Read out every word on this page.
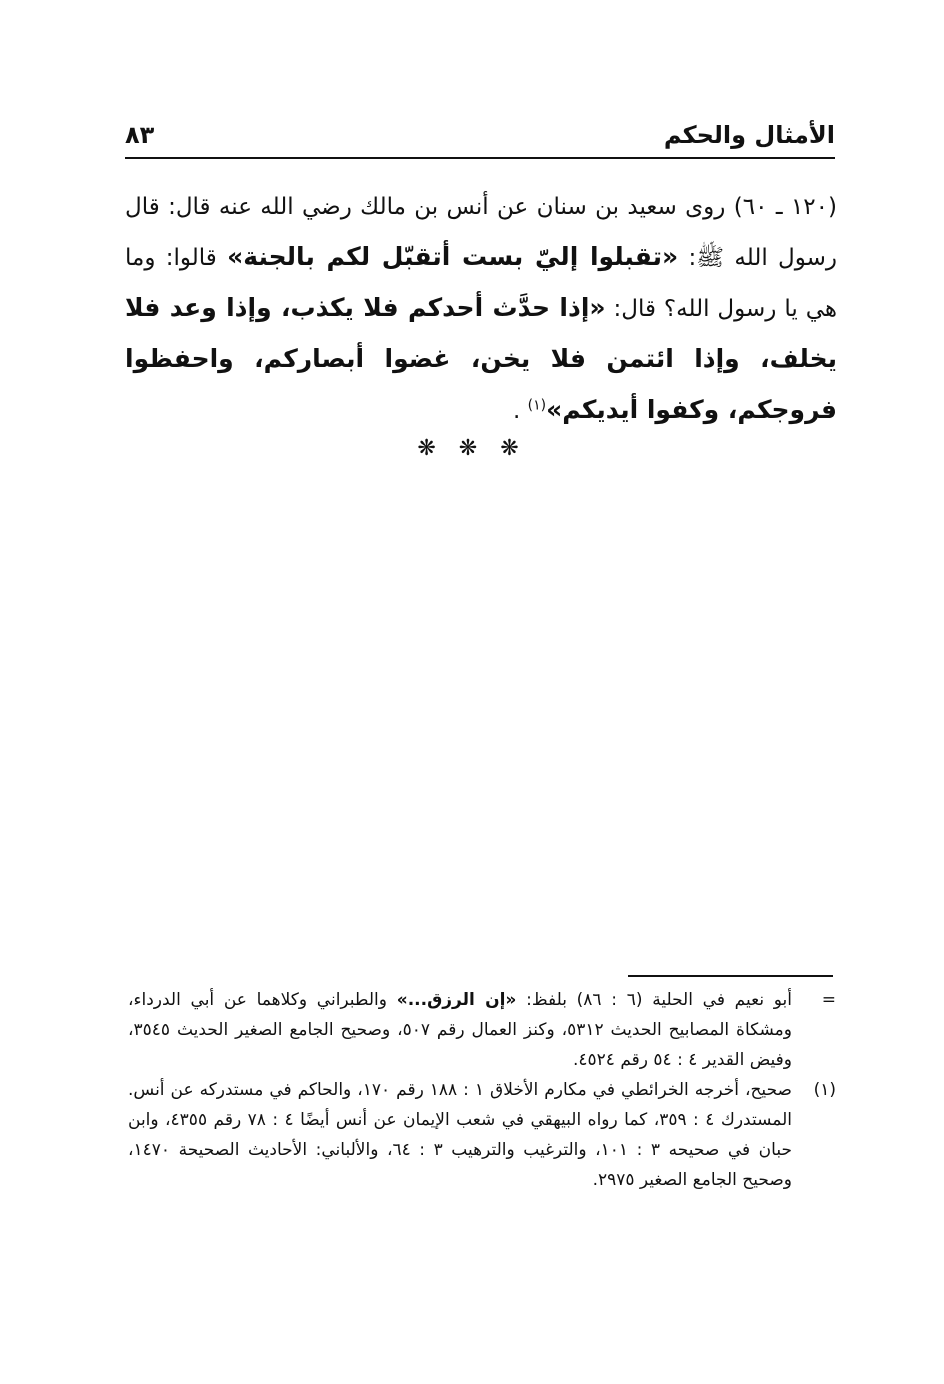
الأمثال والحكم
٨٣
(١٢٠ ـ ٦٠) روى سعيد بن سنان عن أنس بن مالك رضي الله عنه قال: قال رسول الله ﷺ: «تقبلوا إليّ بست أتقبّل لكم بالجنة» قالوا: وما هي يا رسول الله؟ قال: «إذا حدَّث أحدكم فلا يكذب، وإذا وعد فلا يخلف، وإذا ائتمن فلا يخن، غضوا أبصاركم، واحفظوا فروجكم، وكفوا أيديكم»$^{(١)}$ .
❋ ❋ ❋
=
أبو نعيم في الحلية (٦ : ٨٦) بلفظ: «إن الرزق...» والطبراني وكلاهما عن أبي الدرداء، ومشكاة المصابيح الحديث ٥٣١٢، وكنز العمال رقم ٥٠٧، وصحيح الجامع الصغير الحديث ٣٥٤٥، وفيض القدير ٤ : ٥٤ رقم ٤٥٢٤.
(١)
صحيح، أخرجه الخرائطي في مكارم الأخلاق ١ : ١٨٨ رقم ١٧٠، والحاكم في مستدركه عن أنس. المستدرك ٤ : ٣٥٩، كما رواه البيهقي في شعب الإيمان عن أنس أيضًا ٤ : ٧٨ رقم ٤٣٥٥، وابن حبان في صحيحه ٣ : ١٠١، والترغيب والترهيب ٣ : ٦٤، والألباني: الأحاديث الصحيحة ١٤٧٠، وصحيح الجامع الصغير ٢٩٧٥.
